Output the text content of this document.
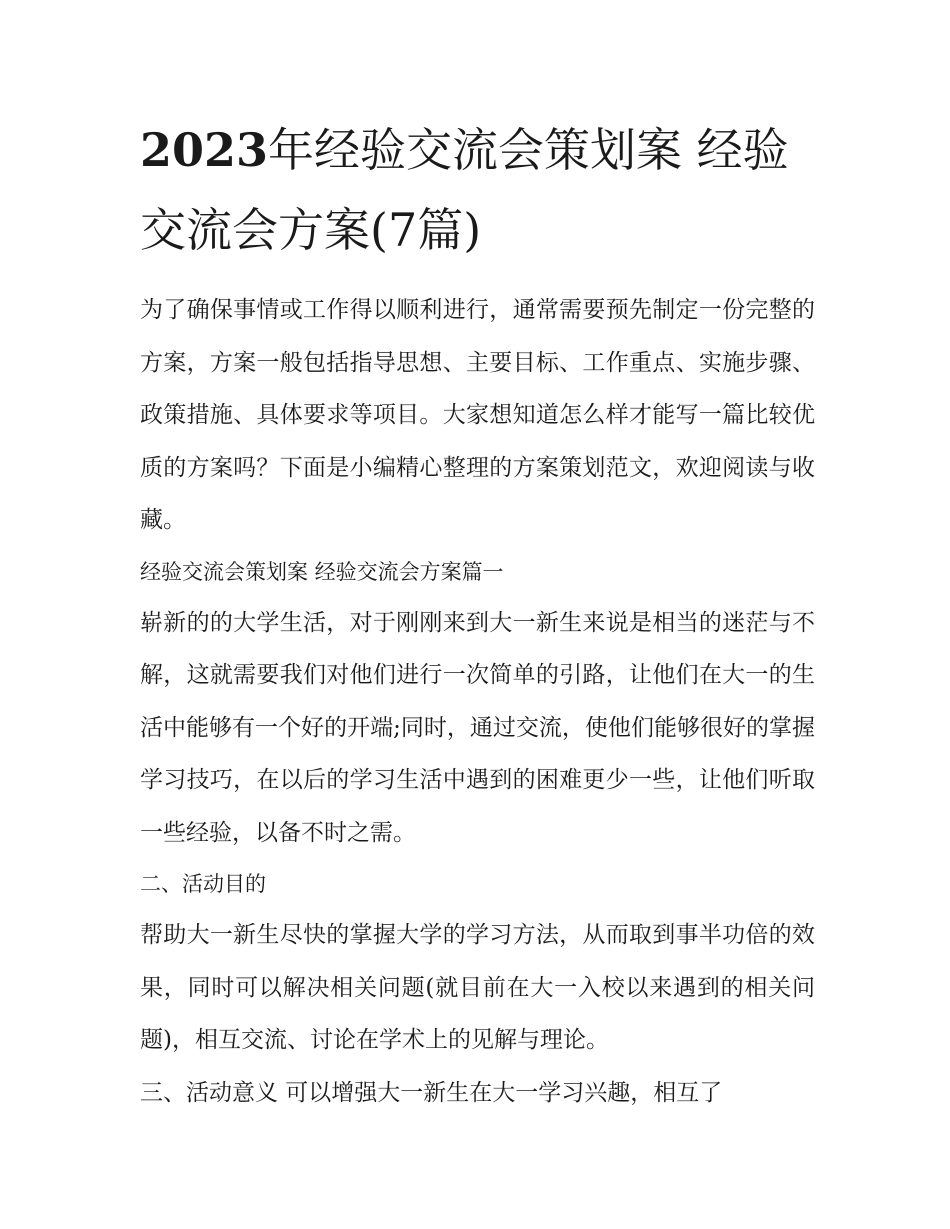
2023年经验交流会策划案 经验交流会方案(7篇)

为了确保事情或工作得以顺利进行，通常需要预先制定一份完整的方案，方案一般包括指导思想、主要目标、工作重点、实施步骤、政策措施、具体要求等项目。大家想知道怎么样才能写一篇比较优质的方案吗？下面是小编精心整理的方案策划范文，欢迎阅读与收藏。

经验交流会策划案 经验交流会方案篇一

崭新的的大学生活，对于刚刚来到大一新生来说是相当的迷茫与不解，这就需要我们对他们进行一次简单的引路，让他们在大一的生活中能够有一个好的开端;同时，通过交流，使他们能够很好的掌握学习技巧，在以后的学习生活中遇到的困难更少一些，让他们听取一些经验，以备不时之需。

二、活动目的

帮助大一新生尽快的掌握大学的学习方法，从而取到事半功倍的效果，同时可以解决相关问题(就目前在大一入校以来遇到的相关问题)，相互交流、讨论在学术上的见解与理论。

三、活动意义 可以增强大一新生在大一学习兴趣，相互了
